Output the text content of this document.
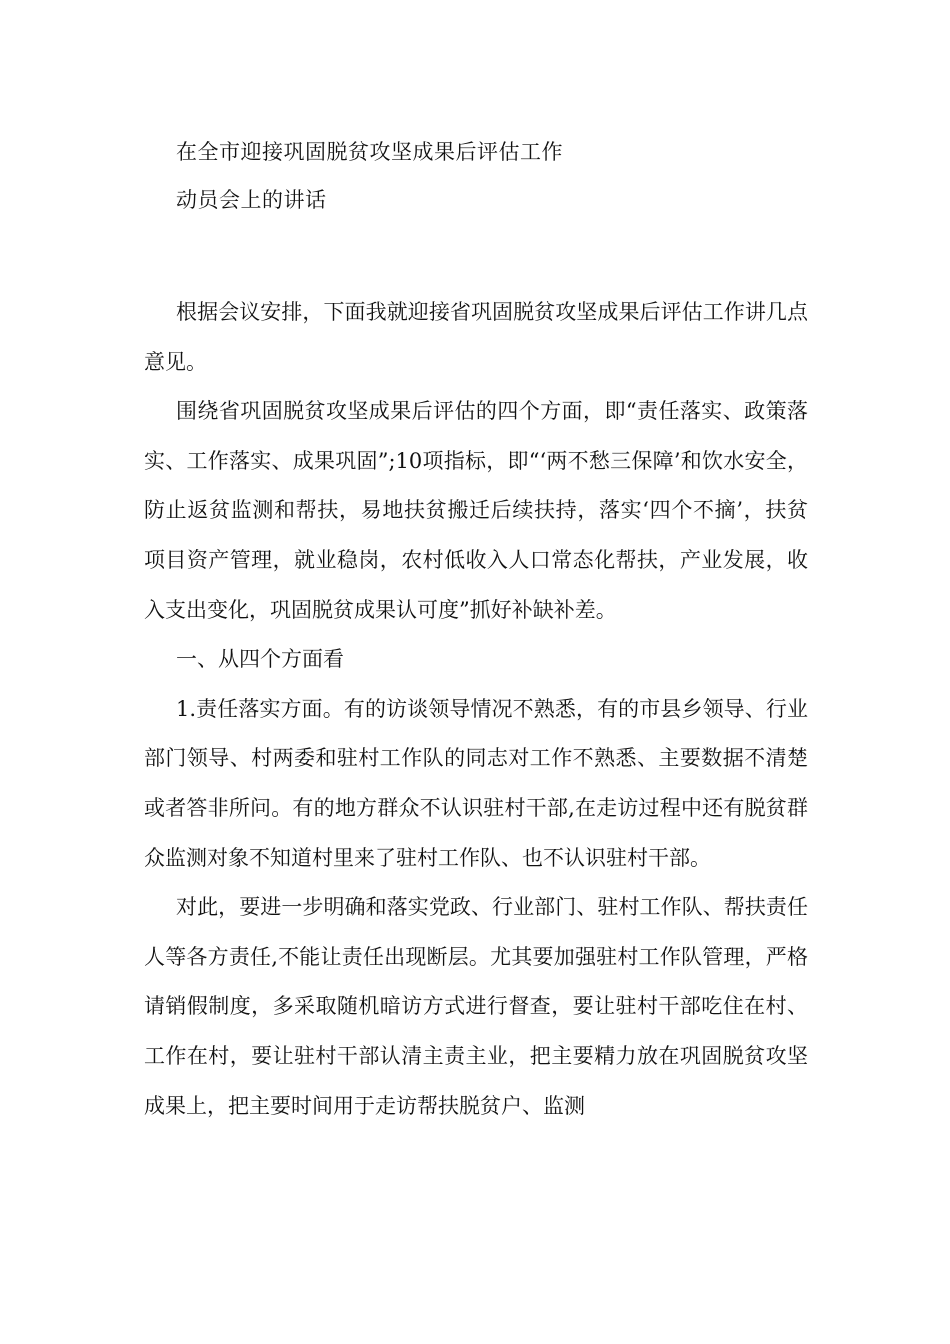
在全市迎接巩固脱贫攻坚成果后评估工作
动员会上的讲话

根据会议安排，下面我就迎接省巩固脱贫攻坚成果后评估工作讲几点意见。

围绕省巩固脱贫攻坚成果后评估的四个方面，即“责任落实、政策落实、工作落实、成果巩固”;10项指标，即“‘两不愁三保障’和饮水安全，防止返贫监测和帮扶，易地扶贫搬迁后续扶持，落实‘四个不摘’，扶贫项目资产管理，就业稳岗，农村低收入人口常态化帮扶，产业发展，收入支出变化，巩固脱贫成果认可度”抓好补缺补差。

一、从四个方面看

1.责任落实方面。有的访谈领导情况不熟悉，有的市县乡领导、行业部门领导、村两委和驻村工作队的同志对工作不熟悉、主要数据不清楚或者答非所问。有的地方群众不认识驻村干部,在走访过程中还有脱贫群众监测对象不知道村里来了驻村工作队、也不认识驻村干部。

对此，要进一步明确和落实党政、行业部门、驻村工作队、帮扶责任人等各方责任,不能让责任出现断层。尤其要加强驻村工作队管理，严格请销假制度，多采取随机暗访方式进行督查，要让驻村干部吃住在村、工作在村，要让驻村干部认清主责主业，把主要精力放在巩固脱贫攻坚成果上，把主要时间用于走访帮扶脱贫户、监测
